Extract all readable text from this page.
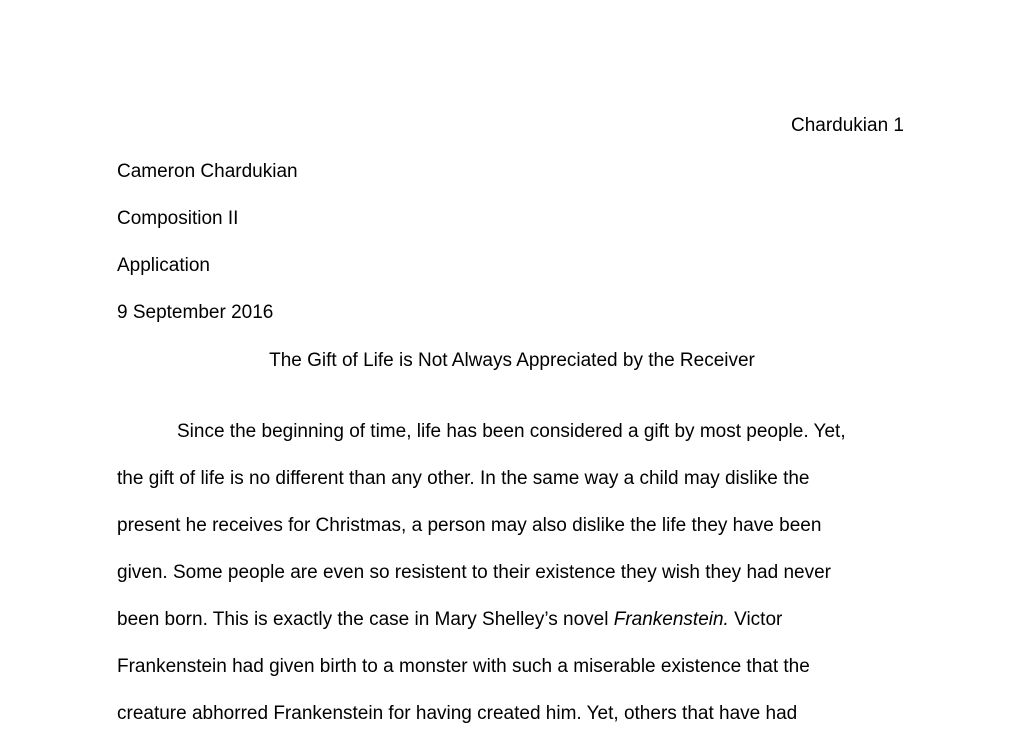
Chardukian 1
Cameron Chardukian
Composition II
Application
9 September 2016
The Gift of Life is Not Always Appreciated by the Receiver
Since the beginning of time, life has been considered a gift by most people. Yet,
the gift of life is no different than any other. In the same way a child may dislike the
present he receives for Christmas, a person may also dislike the life they have been
given. Some people are even so resistent to their existence they wish they had never
been born. This is exactly the case in Mary Shelley’s novel Frankenstein. Victor
Frankenstein had given birth to a monster with such a miserable existence that the
creature abhorred Frankenstein for having created him. Yet, others that have had
